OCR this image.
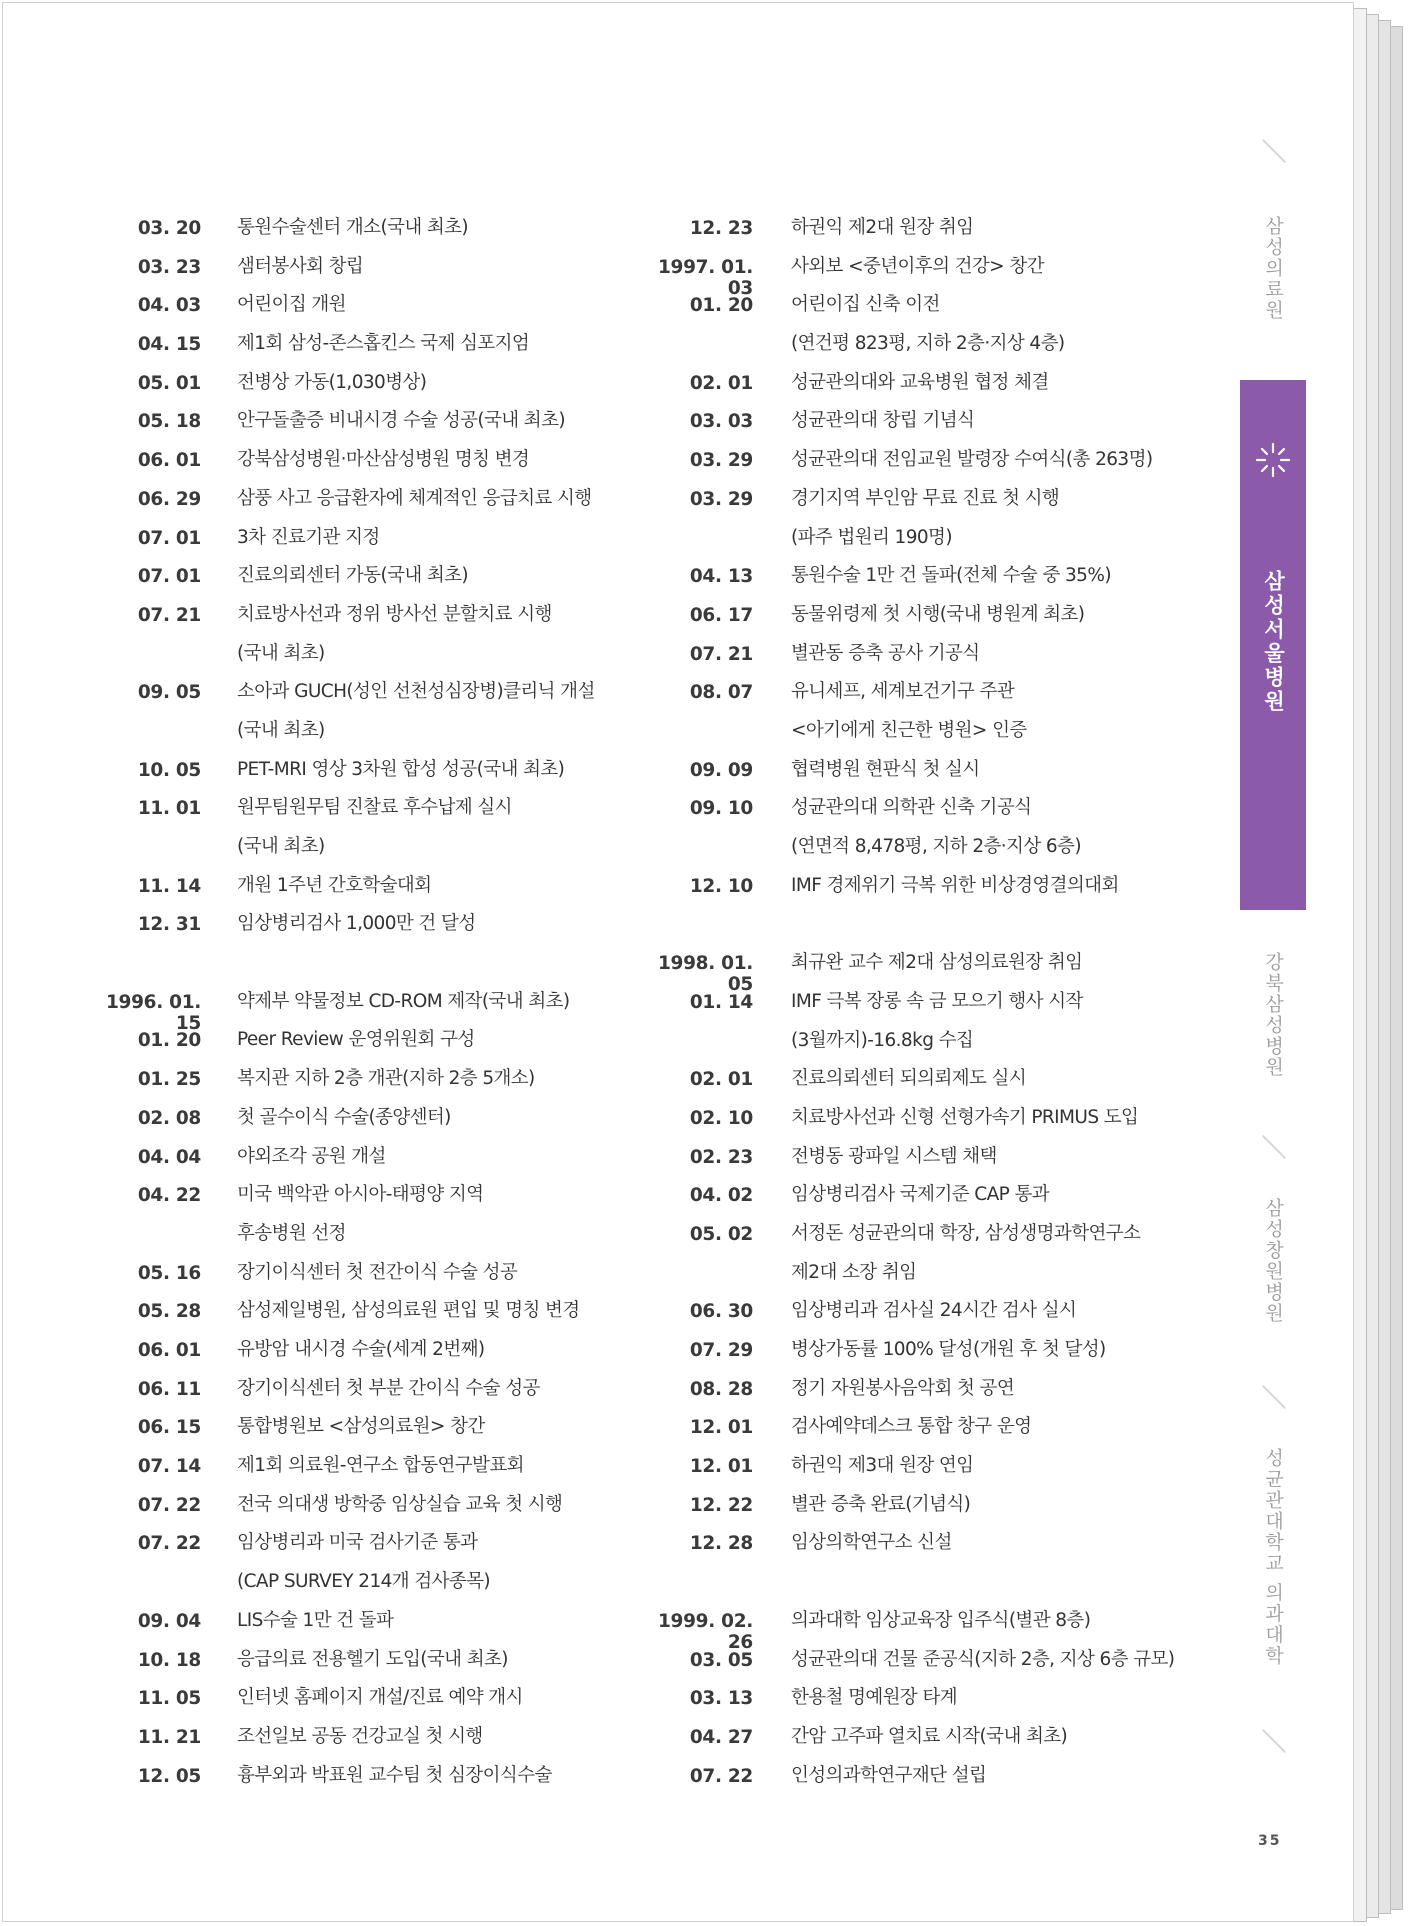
03. 20 통원수술센터 개소(국내 최초)
03. 23 샘터봉사회 창립
04. 03 어린이집 개원
04. 15 제1회 삼성-존스홉킨스 국제 심포지엄
05. 01 전병상 가동(1,030병상)
05. 18 안구돌출증 비내시경 수술 성공(국내 최초)
06. 01 강북삼성병원·마산삼성병원 명칭 변경
06. 29 삼풍 사고 응급환자에 체계적인 응급치료 시행
07. 01 3차 진료기관 지정
07. 01 진료의뢰센터 가동(국내 최초)
07. 21 치료방사선과 정위 방사선 분할치료 시행
(국내 최초)
09. 05 소아과 GUCH(성인 선천성심장병)클리닉 개설
(국내 최초)
10. 05 PET-MRI 영상 3차원 합성 성공(국내 최초)
11. 01 원무팀원무팀 진찰료 후수납제 실시
(국내 최초)
11. 14 개원 1주년 간호학술대회
12. 31 임상병리검사 1,000만 건 달성
1996. 01. 15
약제부 약물정보 CD-ROM 제작(국내 최초)
01. 20 Peer Review 운영위원회 구성
01. 25 복지관 지하 2층 개관(지하 2층 5개소)
02. 08 첫 골수이식 수술(종양센터)
04. 04 야외조각 공원 개설
04. 22 미국 백악관 아시아-태평양 지역
후송병원 선정
05. 16 장기이식센터 첫 전간이식 수술 성공
05. 28 삼성제일병원, 삼성의료원 편입 및 명칭 변경
06. 01 유방암 내시경 수술(세계 2번째)
06. 11 장기이식센터 첫 부분 간이식 수술 성공
06. 15 통합병원보 <삼성의료원> 창간
07. 14 제1회 의료원-연구소 합동연구발표회
07. 22 전국 의대생 방학중 임상실습 교육 첫 시행
07. 22 임상병리과 미국 검사기준 통과
(CAP SURVEY 214개 검사종목)
09. 04 LIS수술 1만 건 돌파
10. 18 응급의료 전용헬기 도입(국내 최초)
11. 05 인터넷 홈페이지 개설/진료 예약 개시
11. 21 조선일보 공동 건강교실 첫 시행
12. 05 흉부외과 박표원 교수팀 첫 심장이식수술
12. 23 하권익 제2대 원장 취임
1997. 01. 03
사외보 <중년이후의 건강> 창간
01. 20 어린이집 신축 이전
(연건평 823평, 지하 2층·지상 4층)
02. 01 성균관의대와 교육병원 협정 체결
03. 03 성균관의대 창립 기념식
03. 29 성균관의대 전임교원 발령장 수여식(총 263명)
03. 29 경기지역 부인암 무료 진료 첫 시행
(파주 법원리 190명)
04. 13 통원수술 1만 건 돌파(전체 수술 중 35%)
06. 17 동물위령제 첫 시행(국내 병원계 최초)
07. 21 별관동 증축 공사 기공식
08. 07 유니세프, 세계보건기구 주관
<아기에게 친근한 병원> 인증
09. 09 협력병원 현판식 첫 실시
09. 10 성균관의대 의학관 신축 기공식
(연면적 8,478평, 지하 2층·지상 6층)
12. 10 IMF 경제위기 극복 위한 비상경영결의대회
1998. 01. 05
최규완 교수 제2대 삼성의료원장 취임
01. 14 IMF 극복 장롱 속 금 모으기 행사 시작
(3월까지)-16.8kg 수집
02. 01 진료의뢰센터 되의뢰제도 실시
02. 10 치료방사선과 신형 선형가속기 PRIMUS 도입
02. 23 전병동 광파일 시스템 채택
04. 02 임상병리검사 국제기준 CAP 통과
05. 02 서정돈 성균관의대 학장, 삼성생명과학연구소
제2대 소장 취임
06. 30 임상병리과 검사실 24시간 검사 실시
07. 29 병상가동률 100% 달성(개원 후 첫 달성)
08. 28 정기 자원봉사음악회 첫 공연
12. 01 검사예약데스크 통합 창구 운영
12. 01 하권익 제3대 원장 연임
12. 22 별관 증축 완료(기념식)
12. 28 임상의학연구소 신설
1999. 02. 26
의과대학 임상교육장 입주식(별관 8층)
03. 05 성균관의대 건물 준공식(지하 2층, 지상 6층 규모)
03. 13 한용철 명예원장 타계
04. 27 간암 고주파 열치료 시작(국내 최초)
07. 22 인성의과학연구재단 설립
삼성의료원
삼성서울병원
강북삼성병원
삼성창원병원
성균관대학교 의과대학
35
